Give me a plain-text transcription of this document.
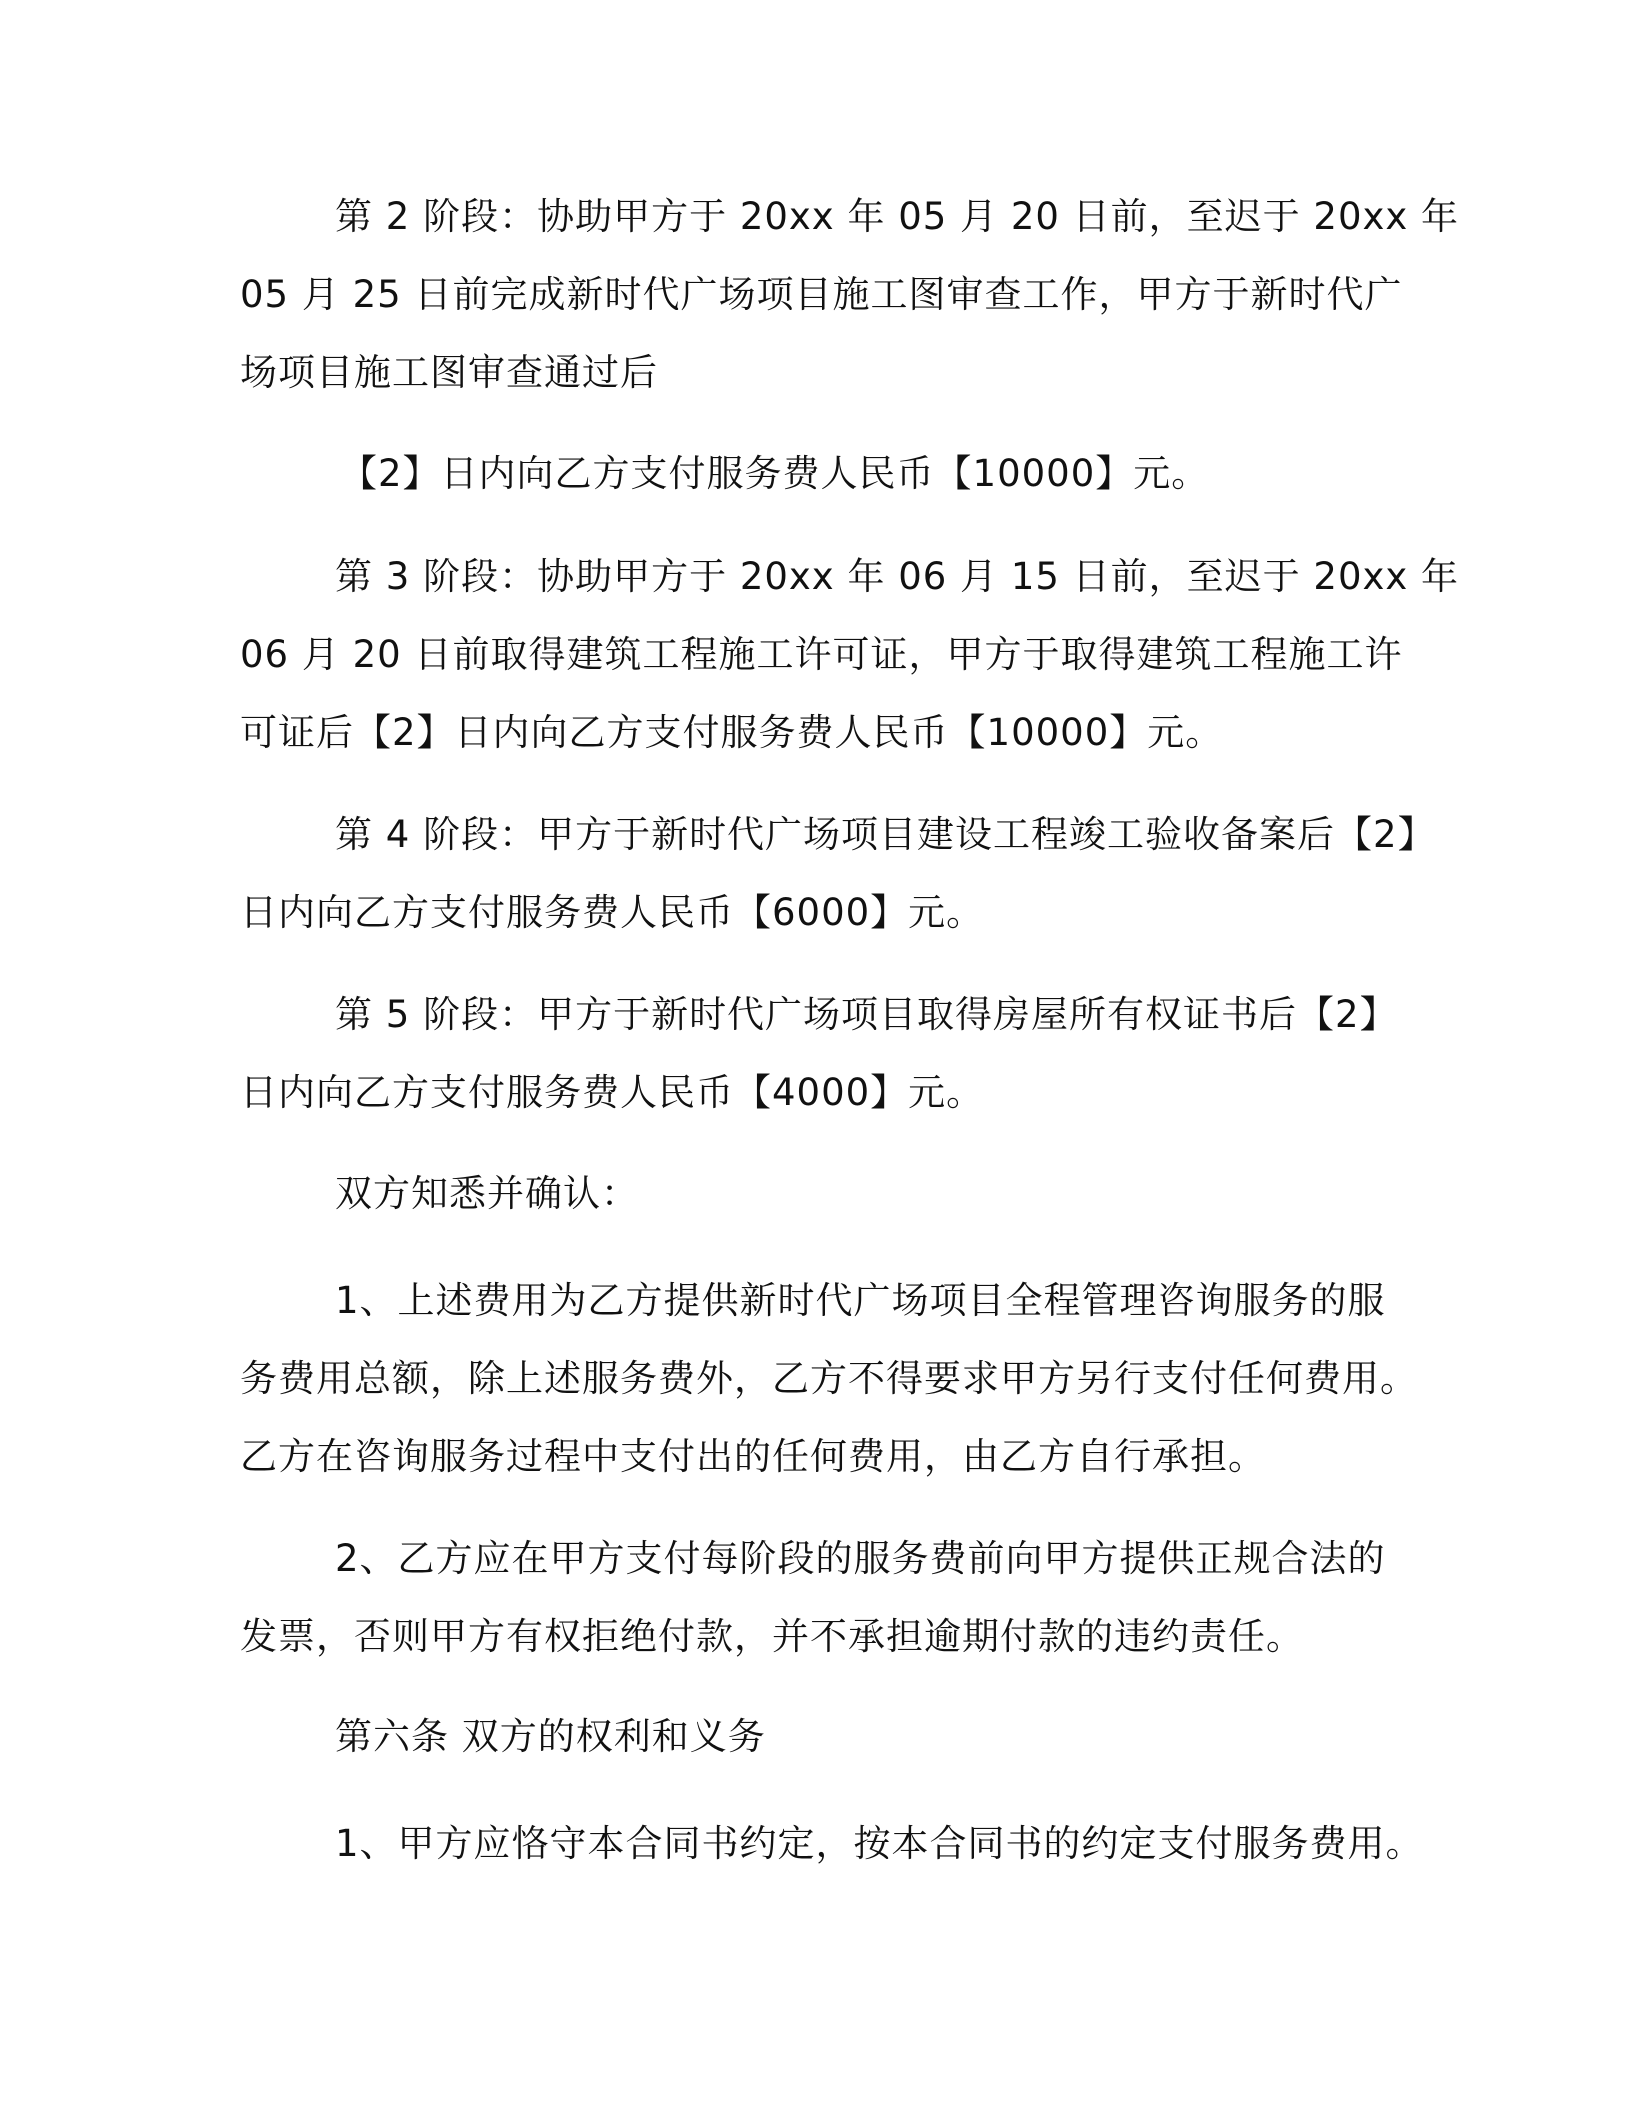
第 2 阶段：协助甲方于 20xx 年 05 月 20 日前，至迟于 20xx 年
05 月 25 日前完成新时代广场项目施工图审查工作，甲方于新时代广
场项目施工图审查通过后
【2】日内向乙方支付服务费人民币【10000】元。
第 3 阶段：协助甲方于 20xx 年 06 月 15 日前，至迟于 20xx 年
06 月 20 日前取得建筑工程施工许可证，甲方于取得建筑工程施工许
可证后【2】日内向乙方支付服务费人民币【10000】元。
第 4 阶段：甲方于新时代广场项目建设工程竣工验收备案后【2】
日内向乙方支付服务费人民币【6000】元。
第 5 阶段：甲方于新时代广场项目取得房屋所有权证书后【2】
日内向乙方支付服务费人民币【4000】元。
双方知悉并确认：
1、上述费用为乙方提供新时代广场项目全程管理咨询服务的服
务费用总额，除上述服务费外，乙方不得要求甲方另行支付任何费用。
乙方在咨询服务过程中支付出的任何费用，由乙方自行承担。
2、乙方应在甲方支付每阶段的服务费前向甲方提供正规合法的
发票，否则甲方有权拒绝付款，并不承担逾期付款的违约责任。
第六条 双方的权利和义务
1、甲方应恪守本合同书约定，按本合同书的约定支付服务费用。
